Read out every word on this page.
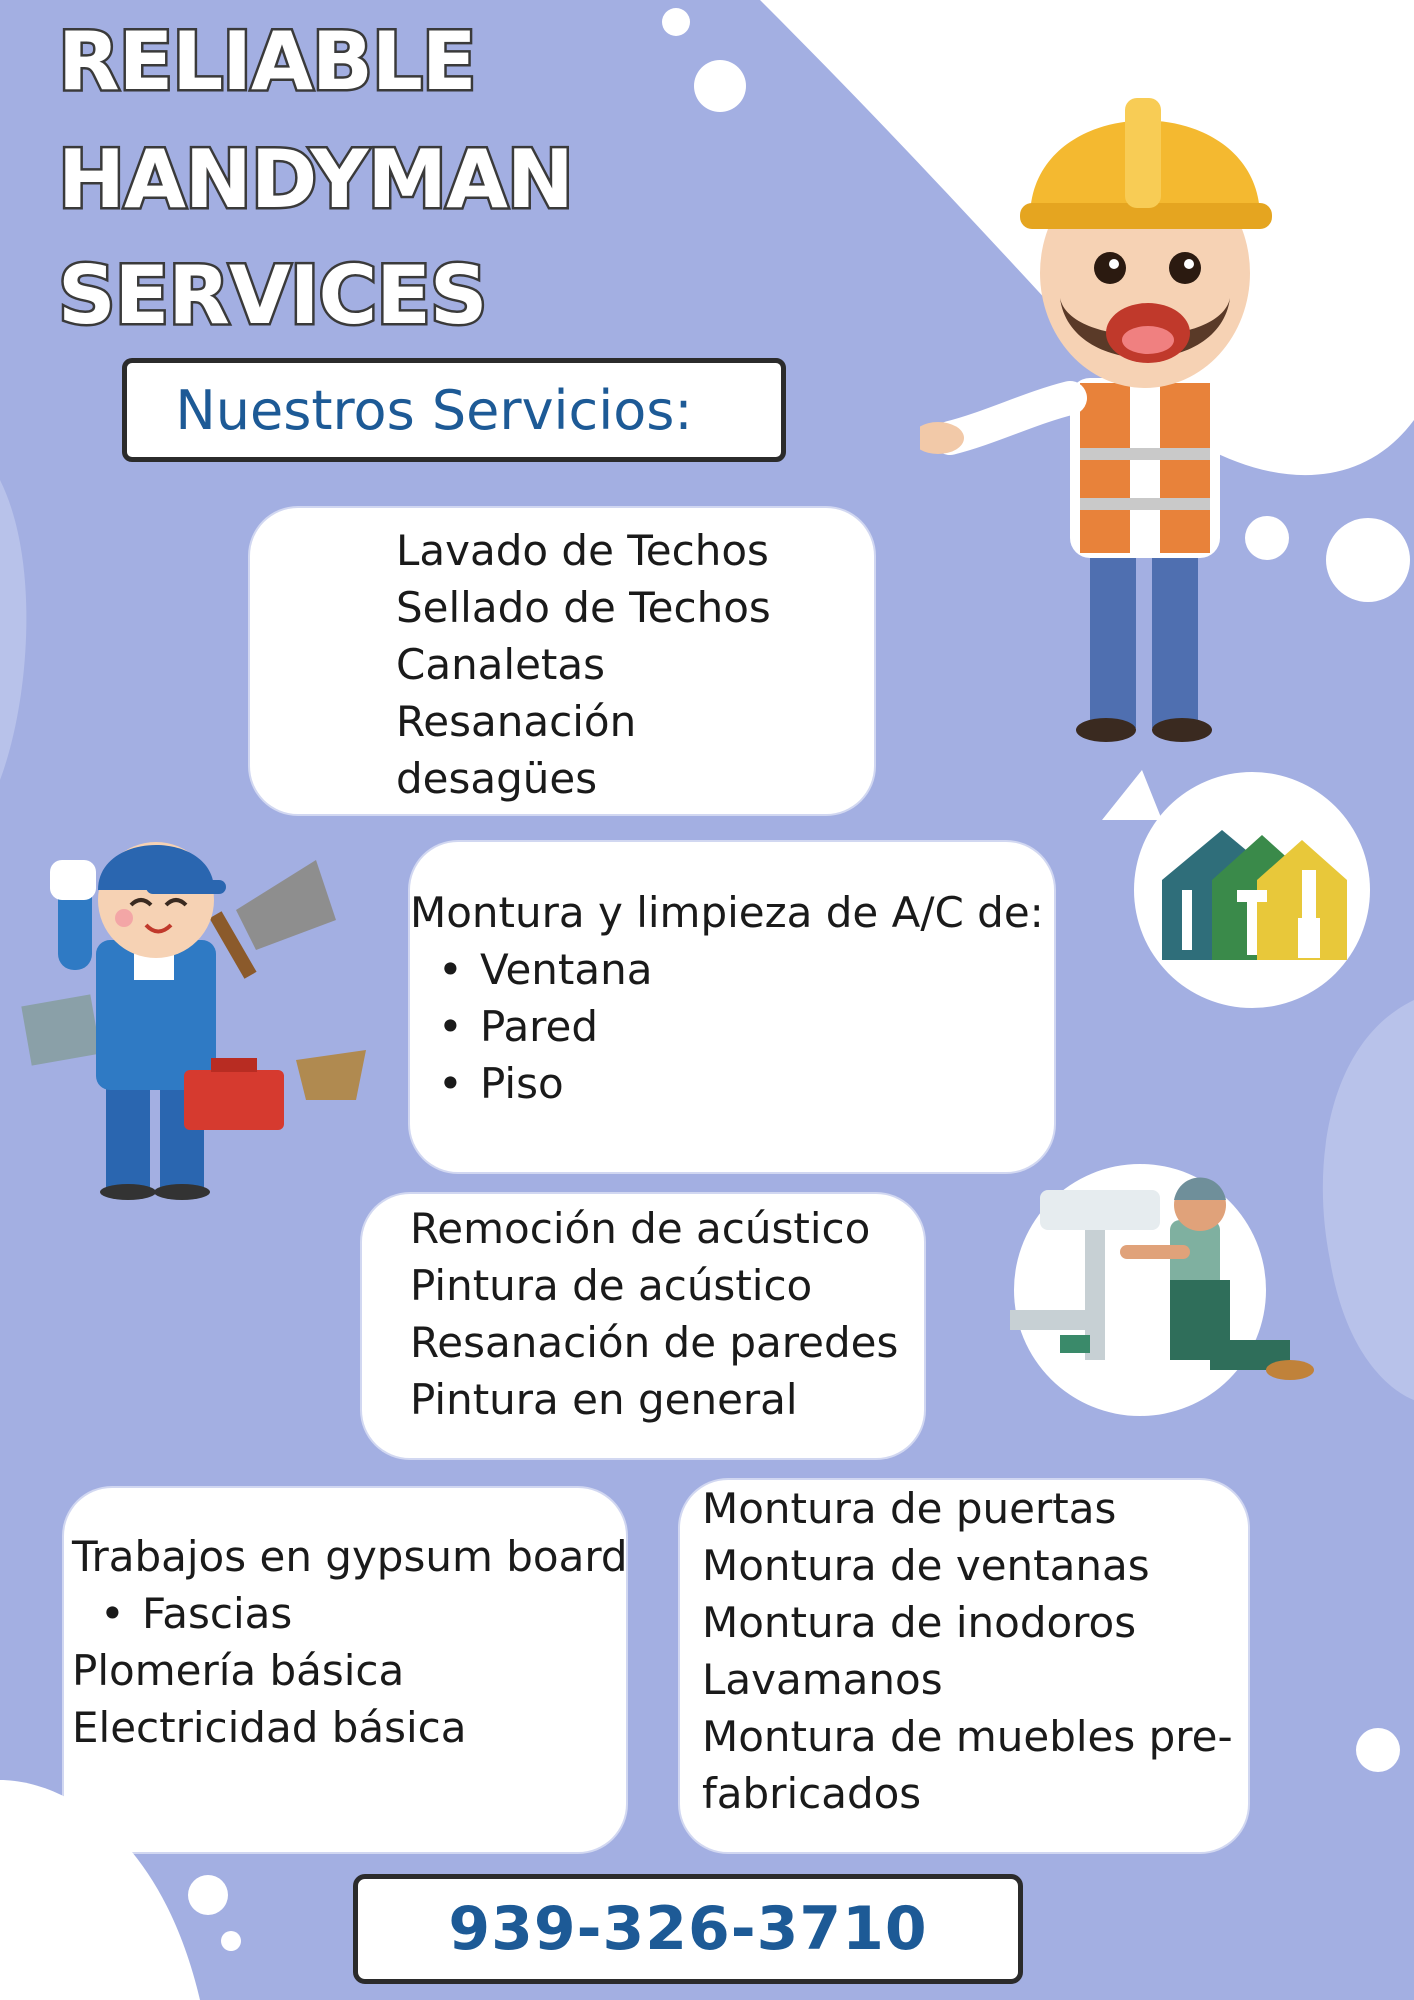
RELIABLE
HANDYMAN
SERVICES
Nuestros Servicios:
Lavado de Techos
Sellado de Techos
Canaletas
Resanación
desagües
Montura y limpieza de A/C de:
• Ventana
• Pared
• Piso
Remoción de acústico
Pintura de acústico
Resanación de paredes
Pintura en general
Trabajos en gypsum board
• Fascias
Plomería básica
Electricidad básica
Montura de puertas
Montura de ventanas
Montura de inodoros
Lavamanos
Montura de muebles pre-
fabricados
939-326-3710
